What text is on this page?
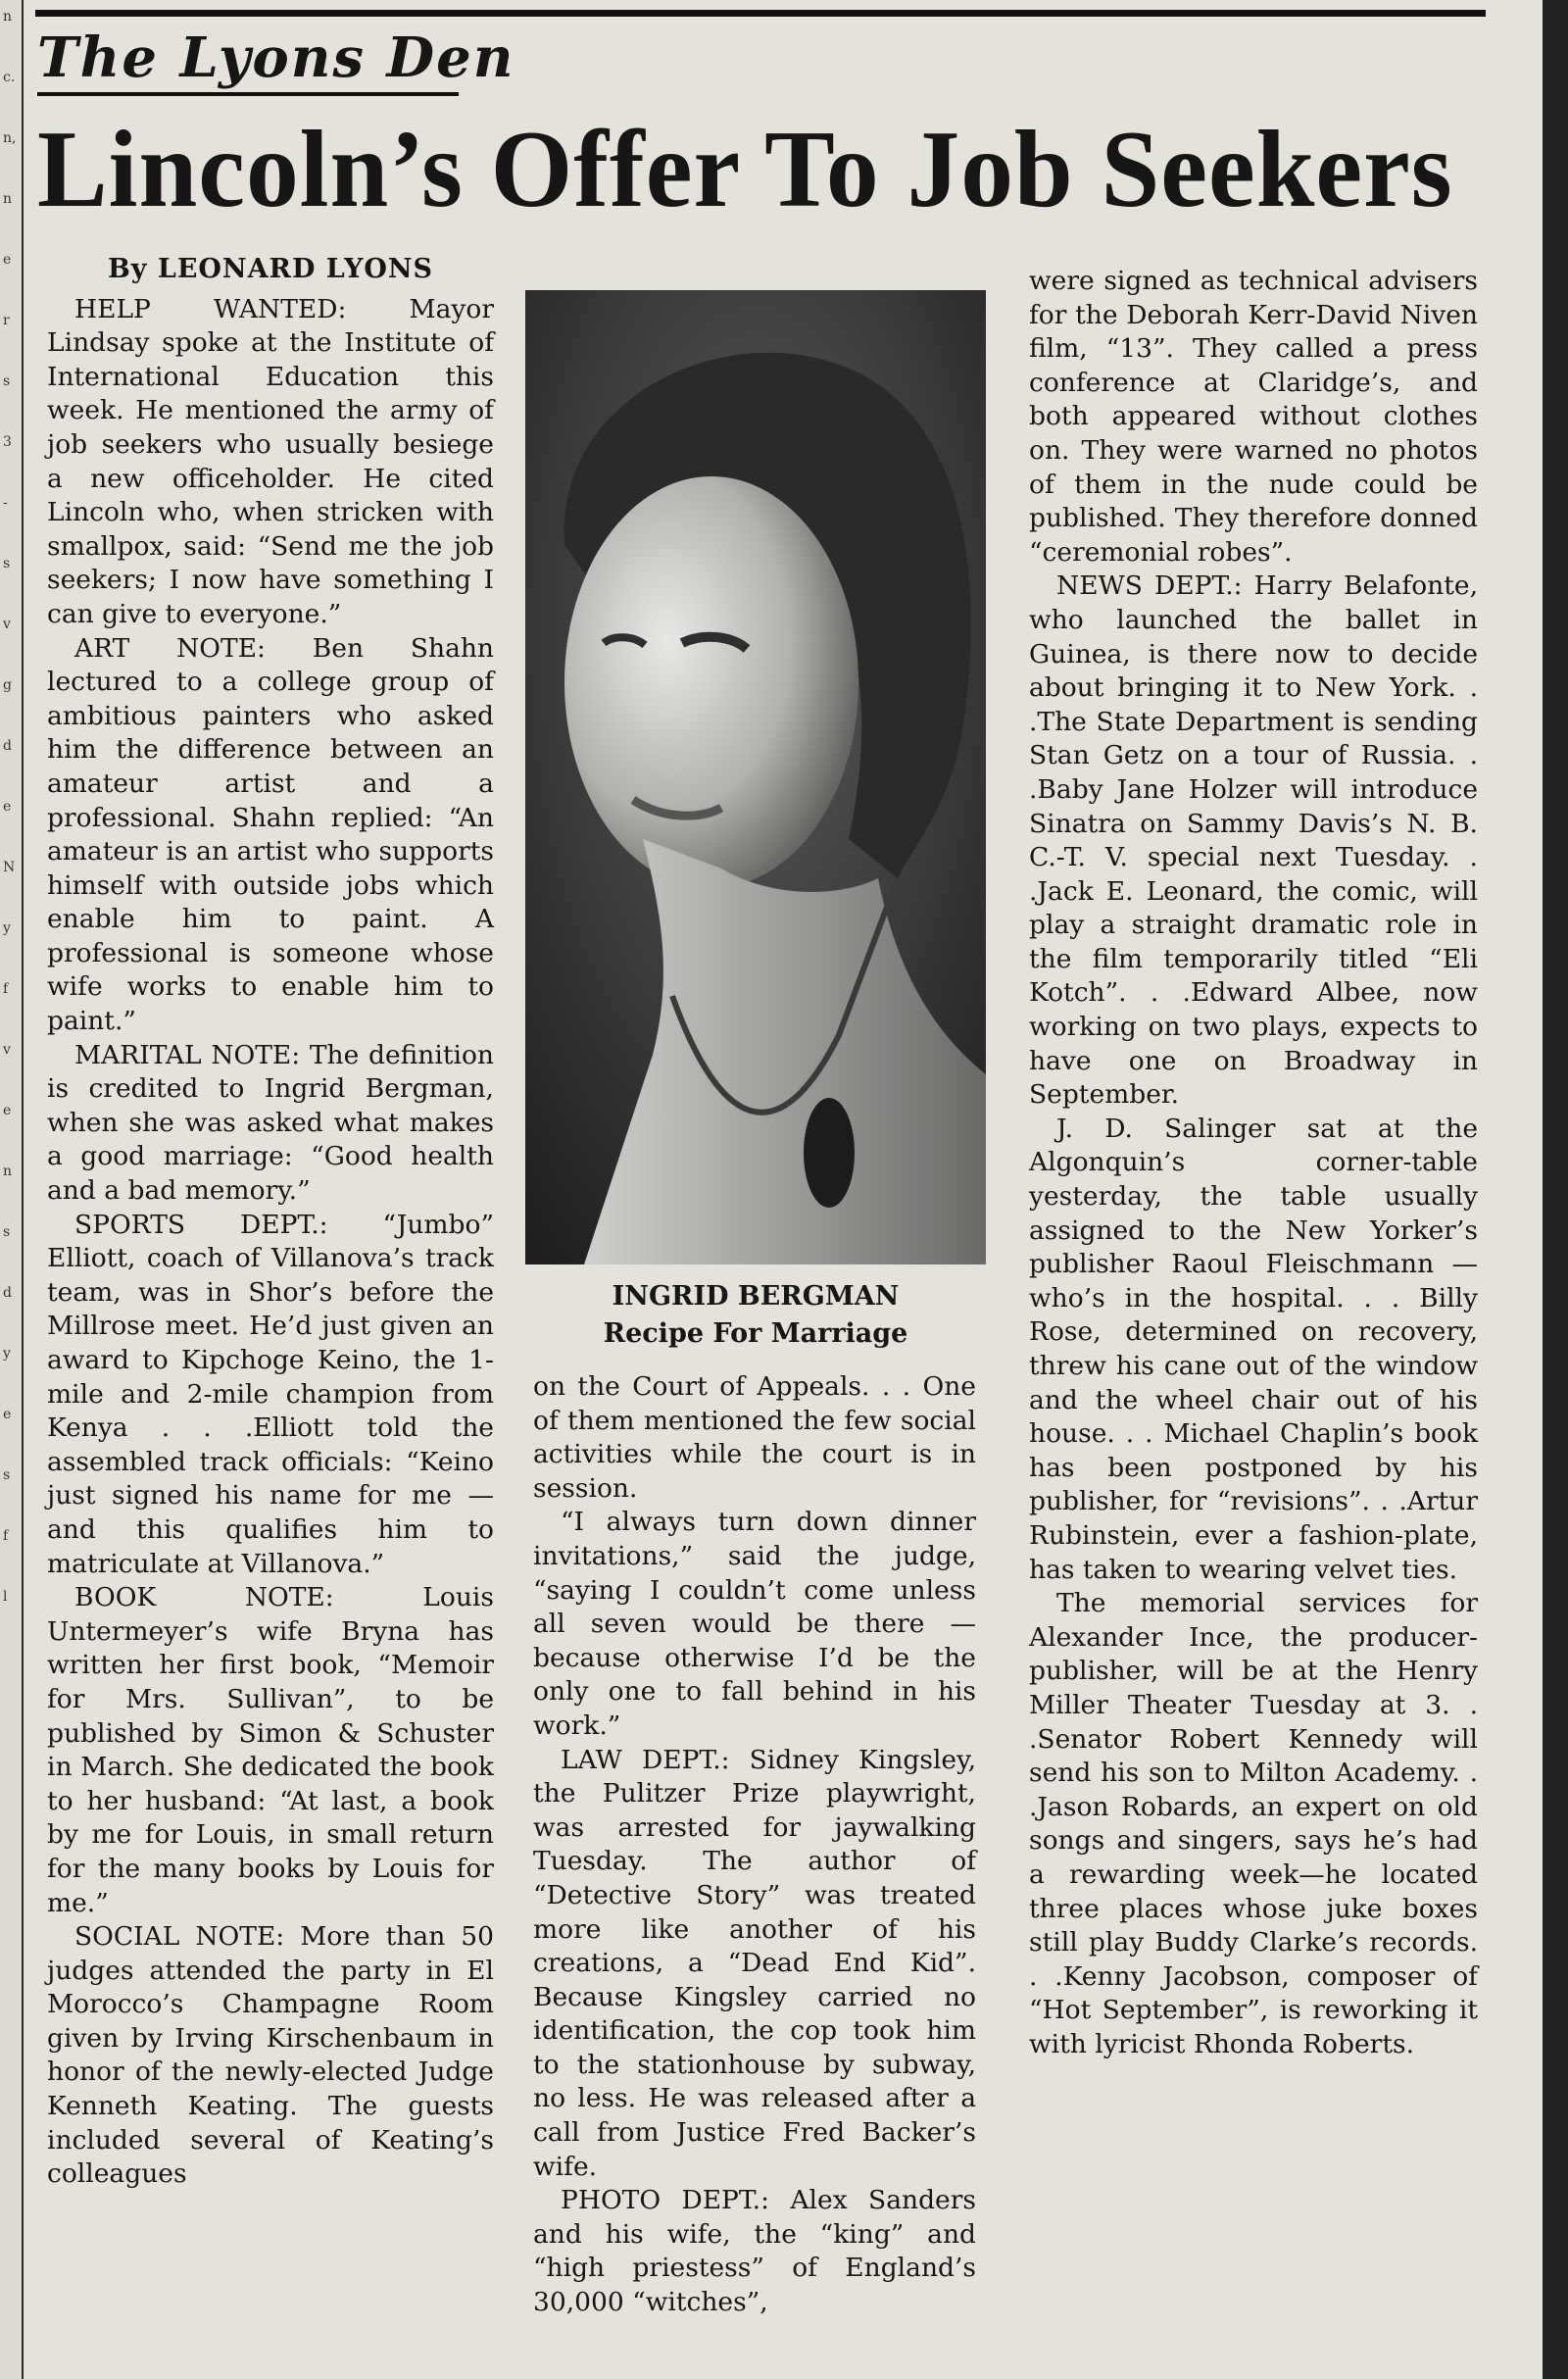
n
c.
n,
n
e
r
s
3
-
s
v
g
d
e
N
y
f
v
e
n
s
d
y
e
s
f
l
The Lyons Den
Lincoln’s Offer To Job Seekers

By LEONARD LYONS

HELP WANTED: Mayor Lindsay spoke at the Institute of International Education this week. He mentioned the army of job seekers who usually besiege a new officeholder. He cited Lincoln who, when stricken with smallpox, said: “Send me the job seekers; I now have something I can give to everyone.”

ART NOTE: Ben Shahn lectured to a college group of ambitious painters who asked him the difference between an amateur artist and a professional. Shahn replied: “An amateur is an artist who supports himself with outside jobs which enable him to paint. A professional is someone whose wife works to enable him to paint.”

MARITAL NOTE: The definition is credited to Ingrid Bergman, when she was asked what makes a good marriage: “Good health and a bad memory.”

SPORTS DEPT.: “Jumbo” Elliott, coach of Villanova’s track team, was in Shor’s before the Millrose meet. He’d just given an award to Kipchoge Keino, the 1-mile and 2-mile champion from Kenya . . .Elliott told the assembled track officials: “Keino just signed his name for me —and this qualifies him to matriculate at Villanova.”

BOOK NOTE: Louis Untermeyer’s wife Bryna has written her first book, “Memoir for Mrs. Sullivan”, to be published by Simon & Schuster in March. She dedicated the book to her husband: “At last, a book by me for Louis, in small return for the many books by Louis for me.”

SOCIAL NOTE: More than 50 judges attended the party in El Morocco’s Champagne Room given by Irving Kirschenbaum in honor of the newly-elected Judge Kenneth Keating. The guests included several of Keating’s colleagues

INGRID BERGMAN
Recipe For Marriage

on the Court of Appeals. . . One of them mentioned the few social activities while the court is in session.

“I always turn down dinner invitations,” said the judge, “saying I couldn’t come unless all seven would be there —because otherwise I’d be the only one to fall behind in his work.”

LAW DEPT.: Sidney Kingsley, the Pulitzer Prize playwright, was arrested for jaywalking Tuesday. The author of “Detective Story” was treated more like another of his creations, a “Dead End Kid”. Because Kingsley carried no identification, the cop took him to the stationhouse by subway, no less. He was released after a call from Justice Fred Backer’s wife.

PHOTO DEPT.: Alex Sanders and his wife, the “king” and “high priestess” of England’s 30,000 “witches”,

were signed as technical advisers for the Deborah Kerr-David Niven film, “13”. They called a press conference at Claridge’s, and both appeared without clothes on. They were warned no photos of them in the nude could be published. They therefore donned “ceremonial robes”.

NEWS DEPT.: Harry Belafonte, who launched the ballet in Guinea, is there now to decide about bringing it to New York. . .The State Department is sending Stan Getz on a tour of Russia. . .Baby Jane Holzer will introduce Sinatra on Sammy Davis’s N. B. C.-T. V. special next Tuesday. . .Jack E. Leonard, the comic, will play a straight dramatic role in the film temporarily titled “Eli Kotch”. . .Edward Albee, now working on two plays, expects to have one on Broadway in September.

J. D. Salinger sat at the Algonquin’s corner-table yesterday, the table usually assigned to the New Yorker’s publisher Raoul Fleischmann —who’s in the hospital. . . Billy Rose, determined on recovery, threw his cane out of the window and the wheel chair out of his house. . . Michael Chaplin’s book has been postponed by his publisher, for “revisions”. . .Artur Rubinstein, ever a fashion-plate, has taken to wearing velvet ties.

The memorial services for Alexander Ince, the producer-publisher, will be at the Henry Miller Theater Tuesday at 3. . .Senator Robert Kennedy will send his son to Milton Academy. . .Jason Robards, an expert on old songs and singers, says he’s had a rewarding week—he located three places whose juke boxes still play Buddy Clarke’s records. . .Kenny Jacobson, composer of “Hot September”, is reworking it with lyricist Rhonda Roberts.
